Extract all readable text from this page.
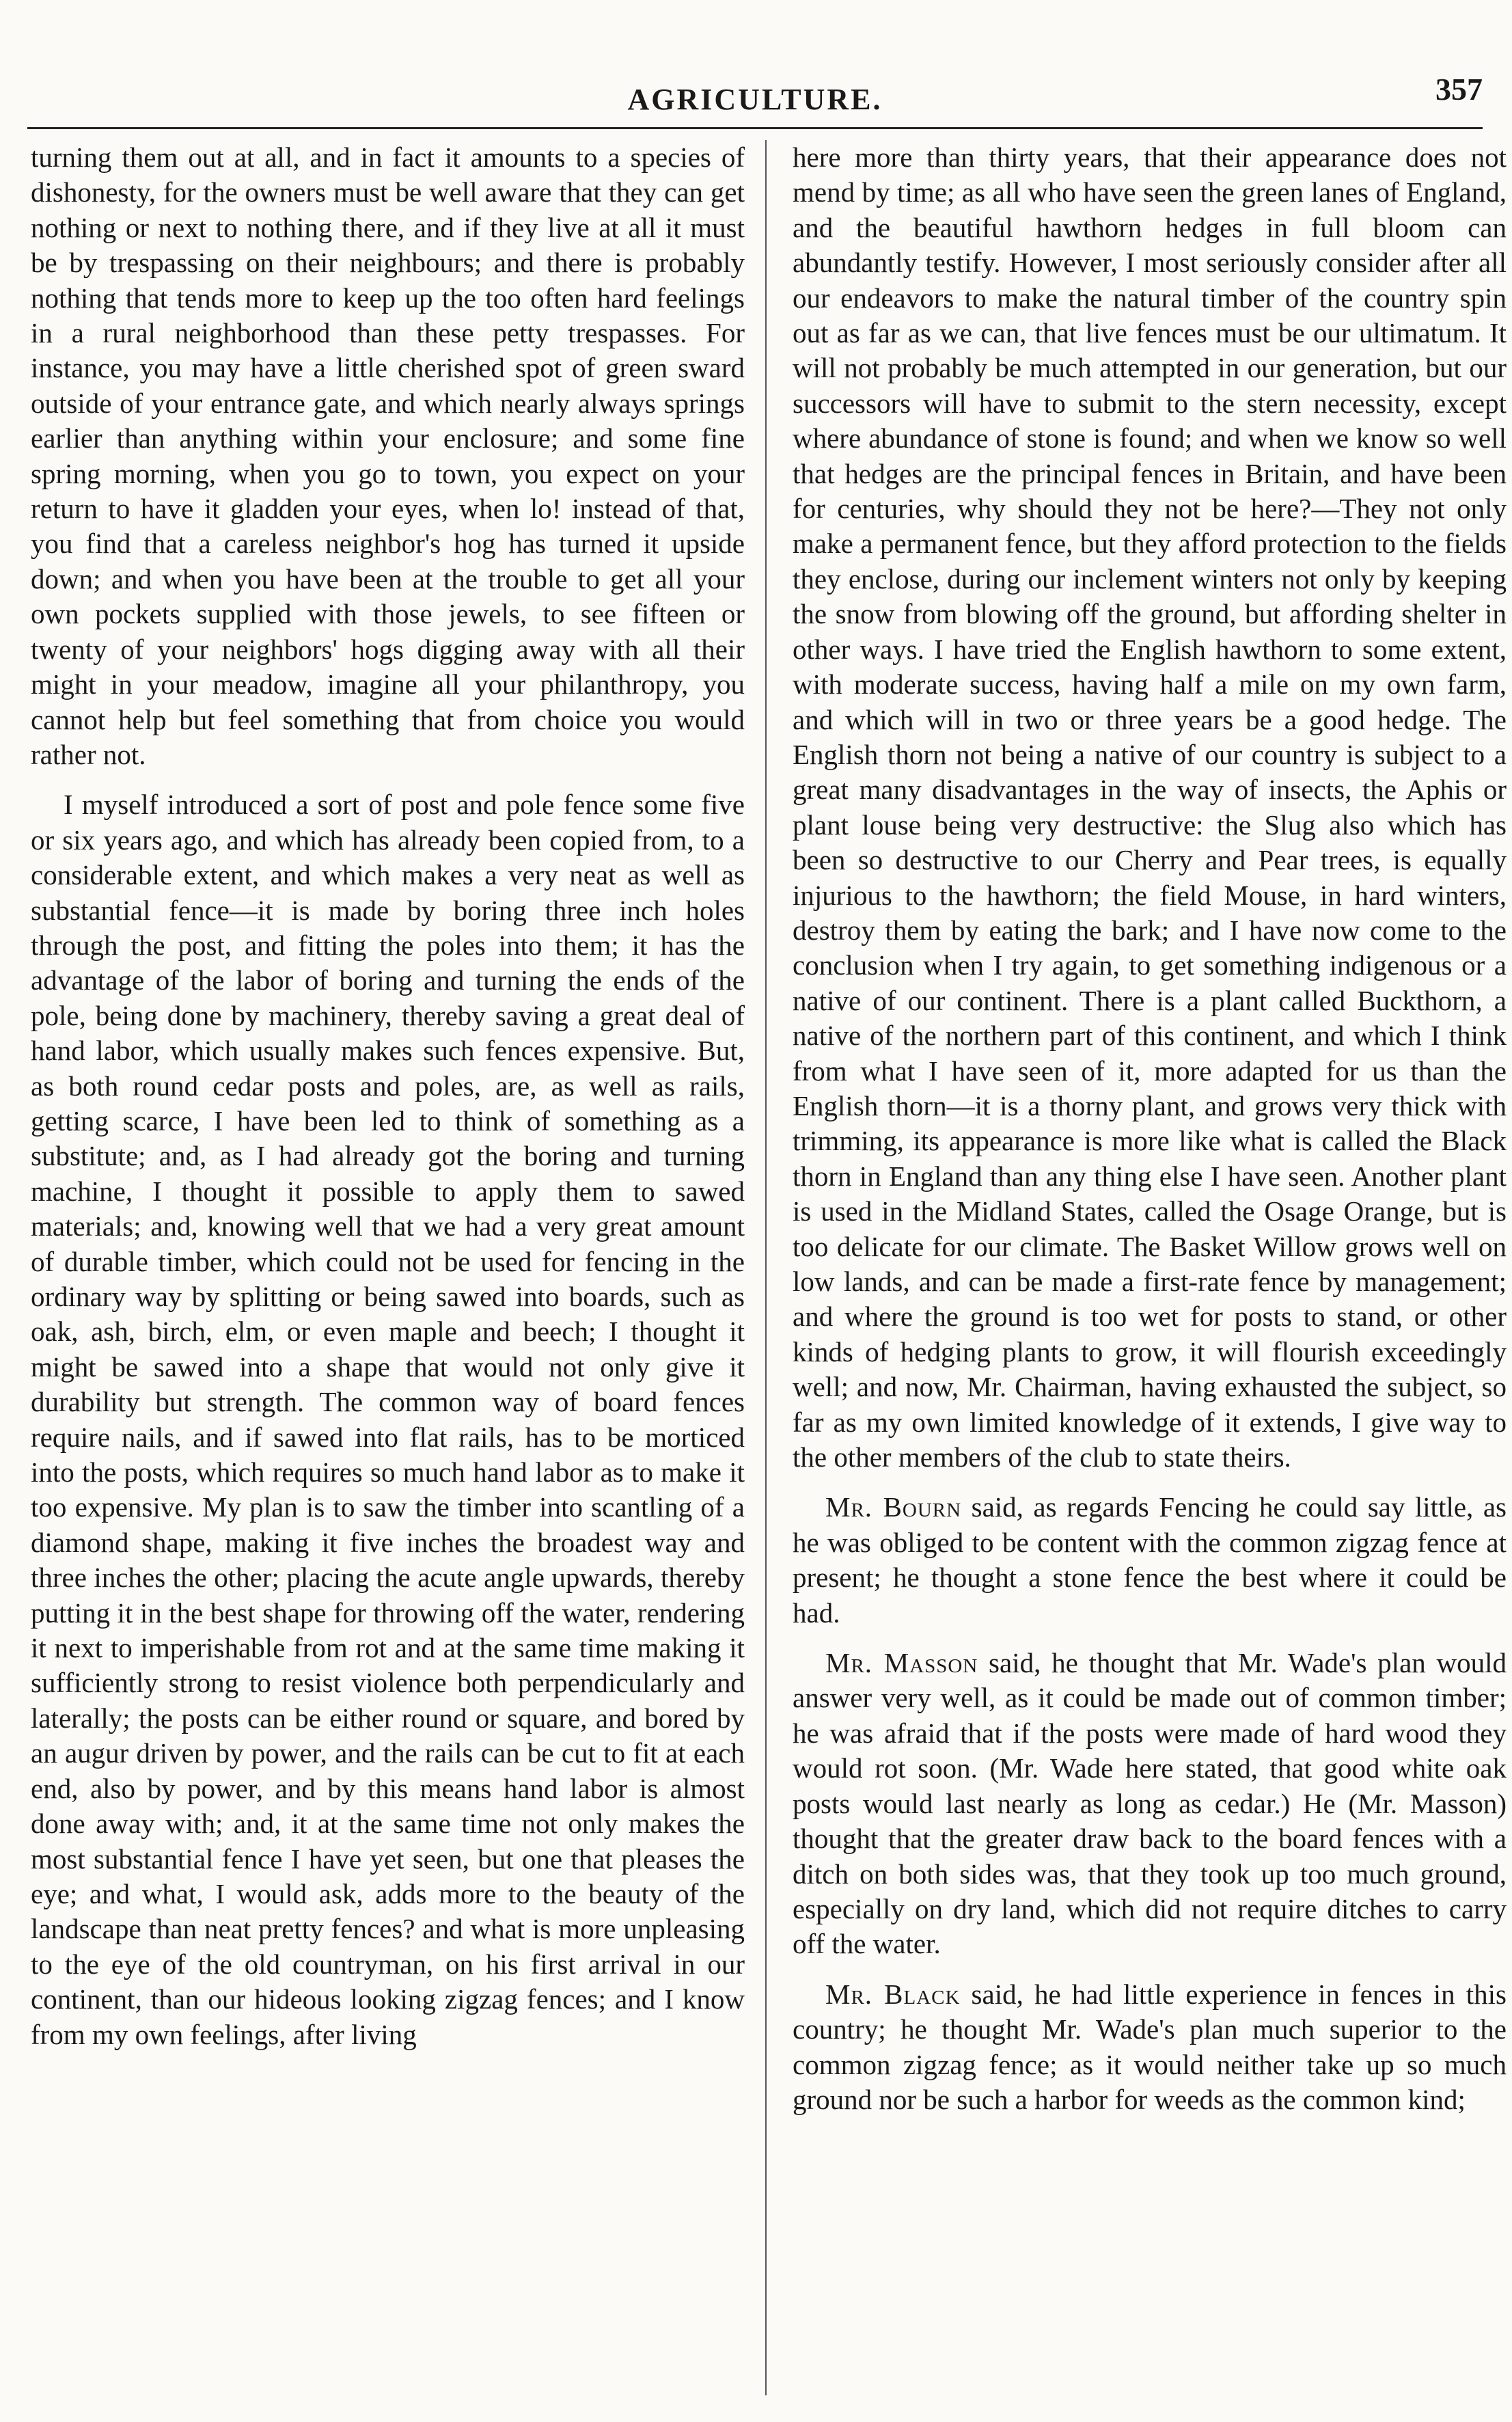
AGRICULTURE.	357

turning them out at all, and in fact it amounts to a species of dishonesty, for the owners must be well aware that they can get nothing or next to nothing there, and if they live at all it must be by trespassing on their neighbours; and there is probably nothing that tends more to keep up the too often hard feelings in a rural neighborhood than these petty trespasses. For instance, you may have a little cherished spot of green sward outside of your entrance gate, and which nearly always springs earlier than anything within your enclosure; and some fine spring morning, when you go to town, you expect on your return to have it gladden your eyes, when lo! instead of that, you find that a careless neighbor's hog has turned it upside down; and when you have been at the trouble to get all your own pockets supplied with those jewels, to see fifteen or twenty of your neighbors' hogs digging away with all their might in your meadow, imagine all your philanthropy, you cannot help but feel something that from choice you would rather not.

I myself introduced a sort of post and pole fence some five or six years ago, and which has already been copied from, to a considerable extent, and which makes a very neat as well as substantial fence—it is made by boring three inch holes through the post, and fitting the poles into them; it has the advantage of the labor of boring and turning the ends of the pole, being done by machinery, thereby saving a great deal of hand labor, which usually makes such fences expensive. But, as both round cedar posts and poles, are, as well as rails, getting scarce, I have been led to think of something as a substitute; and, as I had already got the boring and turning machine, I thought it possible to apply them to sawed materials; and, knowing well that we had a very great amount of durable timber, which could not be used for fencing in the ordinary way by splitting or being sawed into boards, such as oak, ash, birch, elm, or even maple and beech; I thought it might be sawed into a shape that would not only give it durability but strength. The common way of board fences require nails, and if sawed into flat rails, has to be morticed into the posts, which requires so much hand labor as to make it too expensive. My plan is to saw the timber into scantling of a diamond shape, making it five inches the broadest way and three inches the other; placing the acute angle upwards, thereby putting it in the best shape for throwing off the water, rendering it next to imperishable from rot and at the same time making it sufficiently strong to resist violence both perpendicularly and laterally; the posts can be either round or square, and bored by an augur driven by power, and the rails can be cut to fit at each end, also by power, and by this means hand labor is almost done away with; and, it at the same time not only makes the most substantial fence I have yet seen, but one that pleases the eye; and what, I would ask, adds more to the beauty of the landscape than neat pretty fences? and what is more unpleasing to the eye of the old countryman, on his first arrival in our continent, than our hideous looking zigzag fences; and I know from my own feelings, after living

here more than thirty years, that their appearance does not mend by time; as all who have seen the green lanes of England, and the beautiful hawthorn hedges in full bloom can abundantly testify. However, I most seriously consider after all our endeavors to make the natural timber of the country spin out as far as we can, that live fences must be our ultimatum. It will not probably be much attempted in our generation, but our successors will have to submit to the stern necessity, except where abundance of stone is found; and when we know so well that hedges are the principal fences in Britain, and have been for centuries, why should they not be here?—They not only make a permanent fence, but they afford protection to the fields they enclose, during our inclement winters not only by keeping the snow from blowing off the ground, but affording shelter in other ways. I have tried the English hawthorn to some extent, with moderate success, having half a mile on my own farm, and which will in two or three years be a good hedge. The English thorn not being a native of our country is subject to a great many disadvantages in the way of insects, the Aphis or plant louse being very destructive: the Slug also which has been so destructive to our Cherry and Pear trees, is equally injurious to the hawthorn; the field Mouse, in hard winters, destroy them by eating the bark; and I have now come to the conclusion when I try again, to get something indigenous or a native of our continent. There is a plant called Buckthorn, a native of the northern part of this continent, and which I think from what I have seen of it, more adapted for us than the English thorn—it is a thorny plant, and grows very thick with trimming, its appearance is more like what is called the Black thorn in England than any thing else I have seen. Another plant is used in the Midland States, called the Osage Orange, but is too delicate for our climate. The Basket Willow grows well on low lands, and can be made a first-rate fence by management; and where the ground is too wet for posts to stand, or other kinds of hedging plants to grow, it will flourish exceedingly well; and now, Mr. Chairman, having exhausted the subject, so far as my own limited knowledge of it extends, I give way to the other members of the club to state theirs.

Mr. Bourn said, as regards Fencing he could say little, as he was obliged to be content with the common zigzag fence at present; he thought a stone fence the best where it could be had.

Mr. Masson said, he thought that Mr. Wade's plan would answer very well, as it could be made out of common timber; he was afraid that if the posts were made of hard wood they would rot soon. (Mr. Wade here stated, that good white oak posts would last nearly as long as cedar.) He (Mr. Masson) thought that the greater draw back to the board fences with a ditch on both sides was, that they took up too much ground, especially on dry land, which did not require ditches to carry off the water.

Mr. Black said, he had little experience in fences in this country; he thought Mr. Wade's plan much superior to the common zigzag fence; as it would neither take up so much ground nor be such a harbor for weeds as the common kind;
